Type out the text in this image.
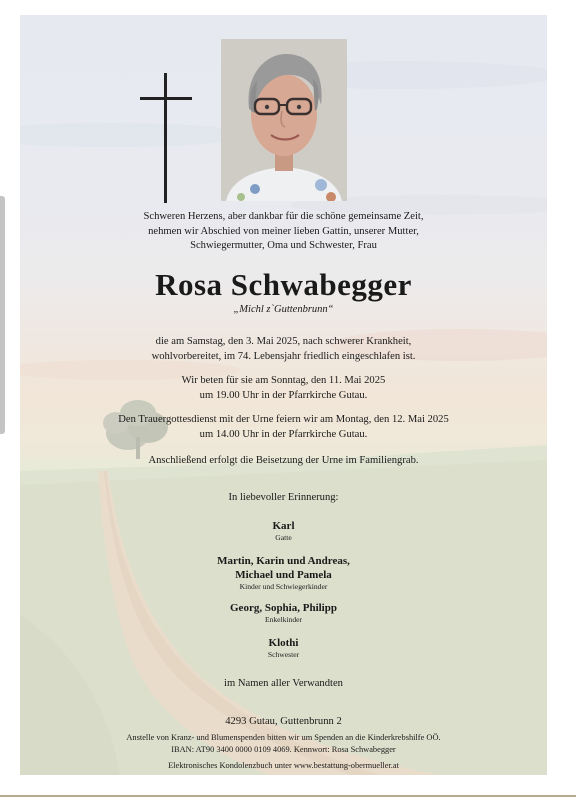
Schweren Herzens, aber dankbar für die schöne gemeinsame Zeit,
nehmen wir Abschied von meiner lieben Gattin, unserer Mutter,
Schwiegermutter, Oma und Schwester, Frau
Rosa Schwabegger
„Michl z`Guttenbrunn“
die am Samstag, den 3. Mai 2025, nach schwerer Krankheit,
wohlvorbereitet, im 74. Lebensjahr friedlich eingeschlafen ist.
Wir beten für sie am Sonntag, den 11. Mai 2025
um 19.00 Uhr in der Pfarrkirche Gutau.
Den Trauergottesdienst mit der Urne feiern wir am Montag, den 12. Mai 2025
um 14.00 Uhr in der Pfarrkirche Gutau.
Anschließend erfolgt die Beisetzung der Urne im Familiengrab.
In liebevoller Erinnerung:
Karl
Gatte
Martin, Karin und Andreas,
Michael und Pamela
Kinder und Schwiegerkinder
Georg, Sophia, Philipp
Enkelkinder
Klothi
Schwester
im Namen aller Verwandten
4293 Gutau, Guttenbrunn 2
Anstelle von Kranz- und Blumenspenden bitten wir um Spenden an die Kinderkrebshilfe OÖ.
IBAN: AT90 3400 0000 0109 4069. Kennwort: Rosa Schwabegger
Elektronisches Kondolenzbuch unter www.bestattung-obermueller.at
